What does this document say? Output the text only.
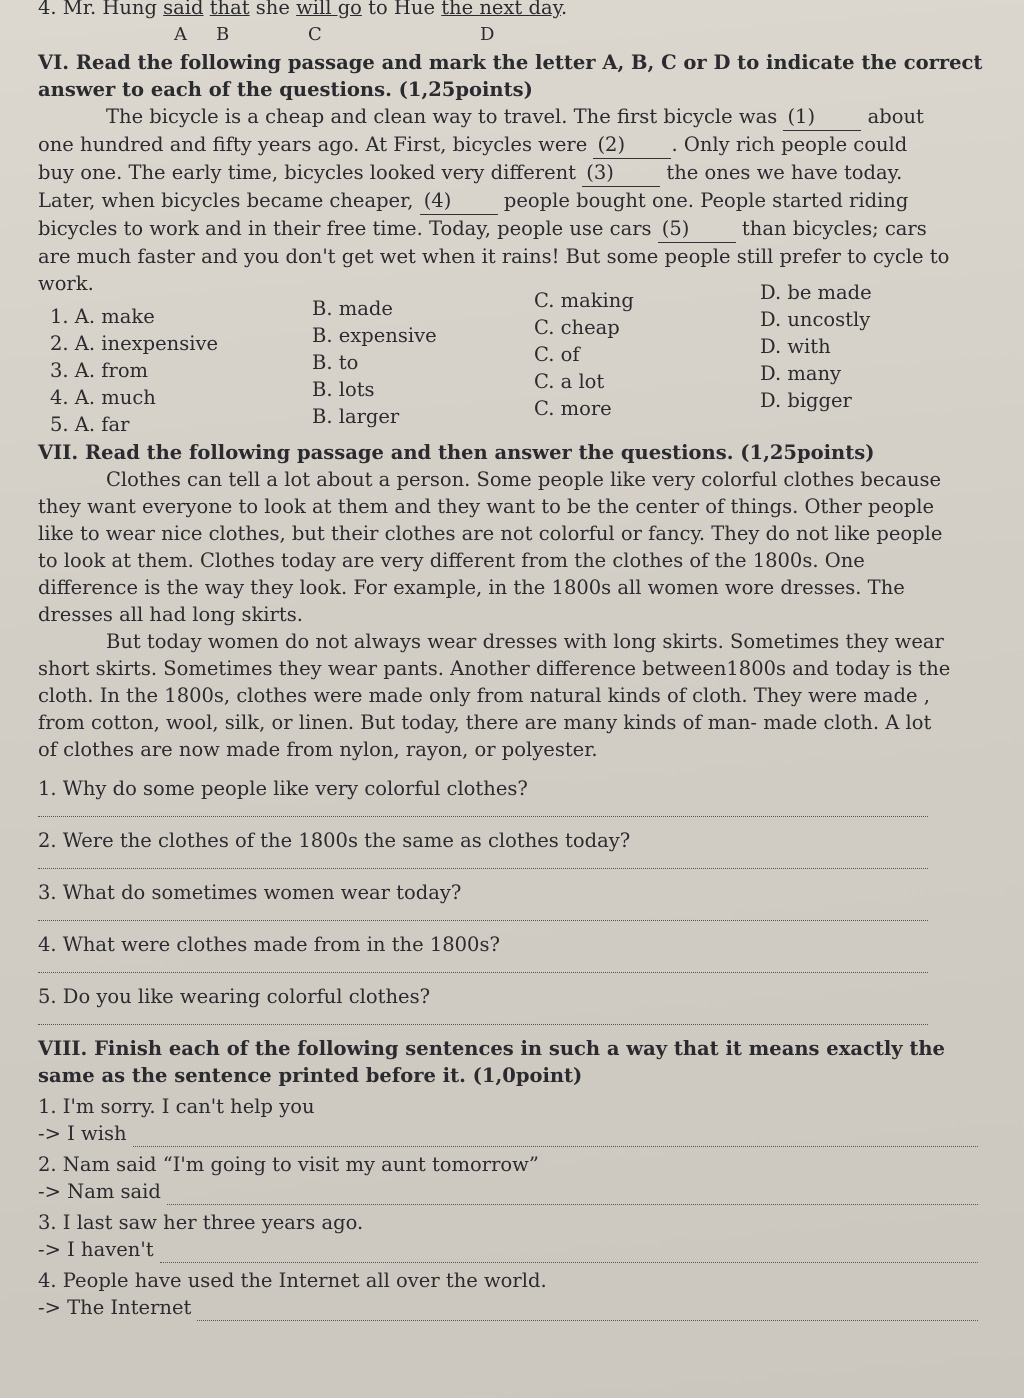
4. Mr. Hung said that she will go to Hue the next day.
A B	C	D
VI. Read the following passage and mark the letter A, B, C or D to indicate the correct
answer to each of the questions. (1,25points)
The bicycle is a cheap and clean way to travel. The first bicycle was (1) about
one hundred and fifty years ago. At First, bicycles were (2) . Only rich people could
buy one. The early time, bicycles looked very different (3) the ones we have today.
Later, when bicycles became cheaper, (4) people bought one. People started riding
bicycles to work and in their free time. Today, people use cars (5) than bicycles; cars
are much faster and you don't get wet when it rains! But some people still prefer to cycle to
work.
1. A. make	B. made	C. making	D. be made
2. A. inexpensive	B. expensive	C. cheap	D. uncostly
3. A. from	B. to	C. of	D. with
4. A. much	B. lots	C. a lot	D. many
5. A. far	B. larger	C. more	D. bigger
VII. Read the following passage and then answer the questions. (1,25points)
Clothes can tell a lot about a person. Some people like very colorful clothes because
they want everyone to look at them and they want to be the center of things. Other people
like to wear nice clothes, but their clothes are not colorful or fancy. They do not like people
to look at them. Clothes today are very different from the clothes of the 1800s. One
difference is the way they look. For example, in the 1800s all women wore dresses. The
dresses all had long skirts.
But today women do not always wear dresses with long skirts. Sometimes they wear
short skirts. Sometimes they wear pants. Another difference between1800s and today is the
cloth. In the 1800s, clothes were made only from natural kinds of cloth. They were made ,
from cotton, wool, silk, or linen. But today, there are many kinds of man- made cloth. A lot
of clothes are now made from nylon, rayon, or polyester.
1. Why do some people like very colorful clothes?
2. Were the clothes of the 1800s the same as clothes today?
3. What do sometimes women wear today?
4. What were clothes made from in the 1800s?
5. Do you like wearing colorful clothes?
VIII. Finish each of the following sentences in such a way that it means exactly the
same as the sentence printed before it. (1,0point)
1. I'm sorry. I can't help you
-> I wish
2. Nam said “I'm going to visit my aunt tomorrow”
-> Nam said
3. I last saw her three years ago.
-> I haven't
4. People have used the Internet all over the world.
-> The Internet
